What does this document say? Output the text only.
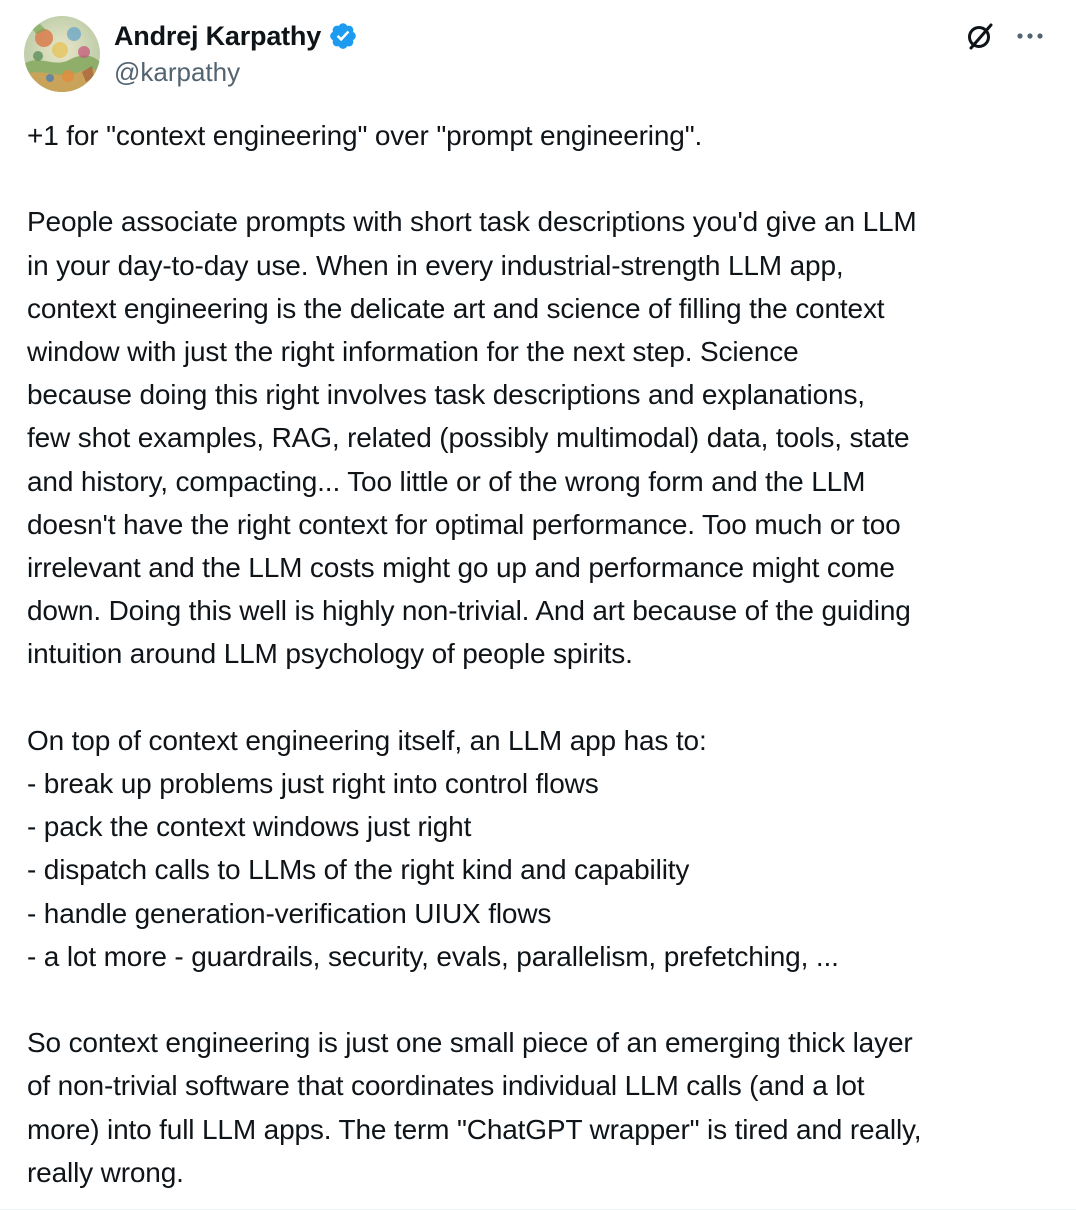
Andrej Karpathy
@karpathy
+1 for "context engineering" over "prompt engineering".
People associate prompts with short task descriptions you'd give an LLM
in your day-to-day use. When in every industrial-strength LLM app,
context engineering is the delicate art and science of filling the context
window with just the right information for the next step. Science
because doing this right involves task descriptions and explanations,
few shot examples, RAG, related (possibly multimodal) data, tools, state
and history, compacting... Too little or of the wrong form and the LLM
doesn't have the right context for optimal performance. Too much or too
irrelevant and the LLM costs might go up and performance might come
down. Doing this well is highly non-trivial. And art because of the guiding
intuition around LLM psychology of people spirits.
On top of context engineering itself, an LLM app has to:
- break up problems just right into control flows
- pack the context windows just right
- dispatch calls to LLMs of the right kind and capability
- handle generation-verification UIUX flows
- a lot more - guardrails, security, evals, parallelism, prefetching, ...
So context engineering is just one small piece of an emerging thick layer
of non-trivial software that coordinates individual LLM calls (and a lot
more) into full LLM apps. The term "ChatGPT wrapper" is tired and really,
really wrong.
